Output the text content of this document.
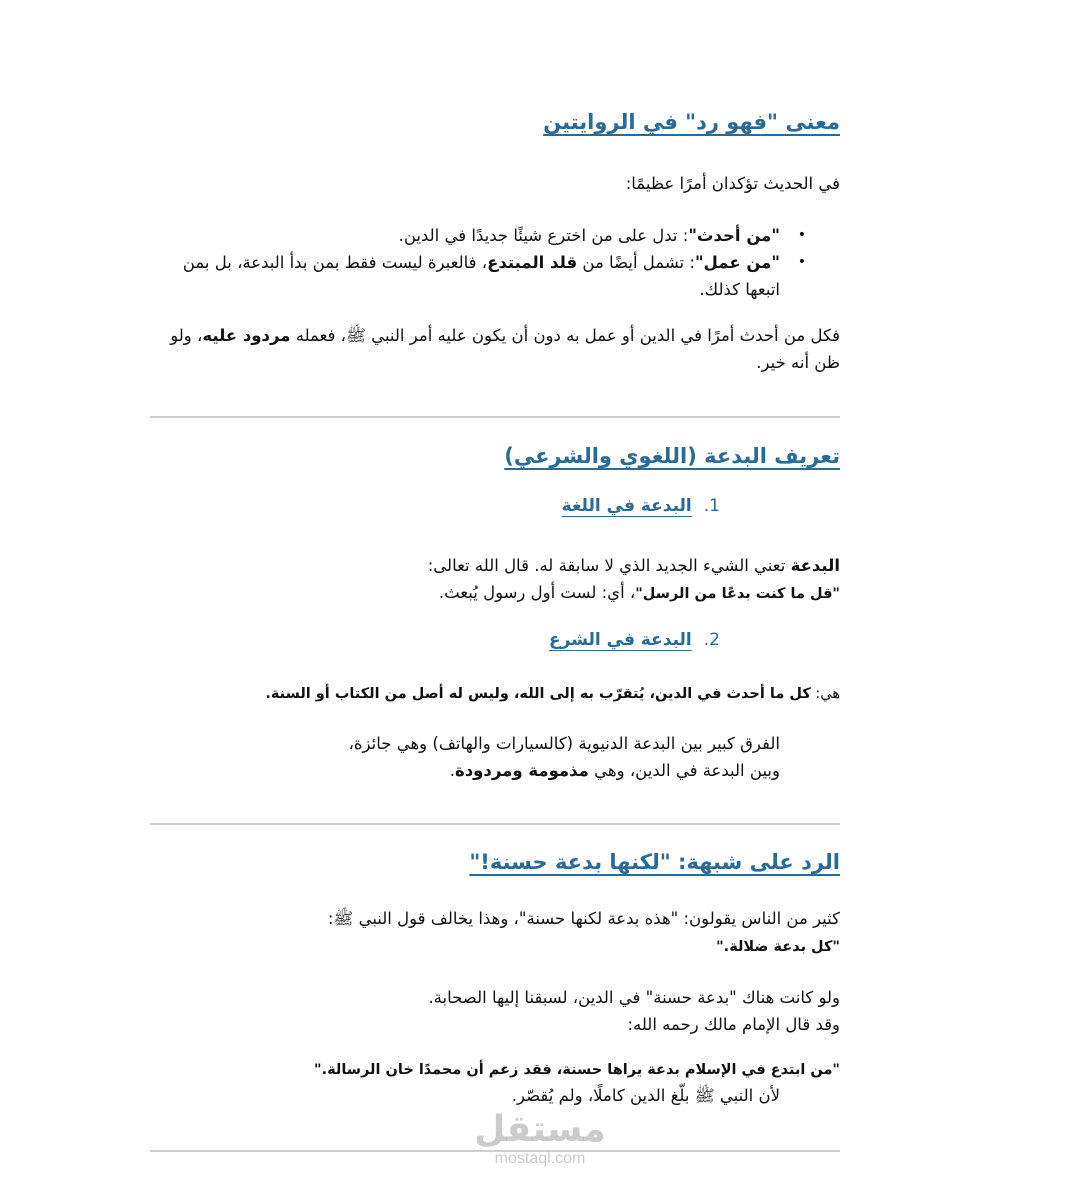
معنى "فهو رد" في الروايتين
في الحديث تؤكدان أمرًا عظيمًا:
• "من أحدث": تدل على من اخترع شيئًا جديدًا في الدين.
• "من عمل": تشمل أيضًا من قلد المبتدع، فالعبرة ليست فقط بمن بدأ البدعة، بل بمن اتبعها كذلك.
فكل من أحدث أمرًا في الدين أو عمل به دون أن يكون عليه أمر النبي ﷺ، فعمله مردود عليه، ولو ظن أنه خير.
تعريف البدعة (اللغوي والشرعي)
1.البدعة في اللغة
البدعة تعني الشيء الجديد الذي لا سابقة له. قال الله تعالى:
"قل ما كنت بدعًا من الرسل"، أي: لست أول رسول يُبعث.
2.البدعة في الشرع
هي: كل ما أحدث في الدين، يُتقرّب به إلى الله، وليس له أصل من الكتاب أو السنة.
الفرق كبير بين البدعة الدنيوية (كالسيارات والهاتف) وهي جائزة،
وبين البدعة في الدين، وهي مذمومة ومردودة.
الرد على شبهة: "لكنها بدعة حسنة!"
كثير من الناس يقولون: "هذه بدعة لكنها حسنة"، وهذا يخالف قول النبي ﷺ:
"كل بدعة ضلالة."
ولو كانت هناك "بدعة حسنة" في الدين، لسبقنا إليها الصحابة.
وقد قال الإمام مالك رحمه الله:
"من ابتدع في الإسلام بدعة يراها حسنة، فقد زعم أن محمدًا خان الرسالة."
لأن النبي ﷺ بلّغ الدين كاملًا، ولم يُقصّر.
مستقل
mostaql.com
